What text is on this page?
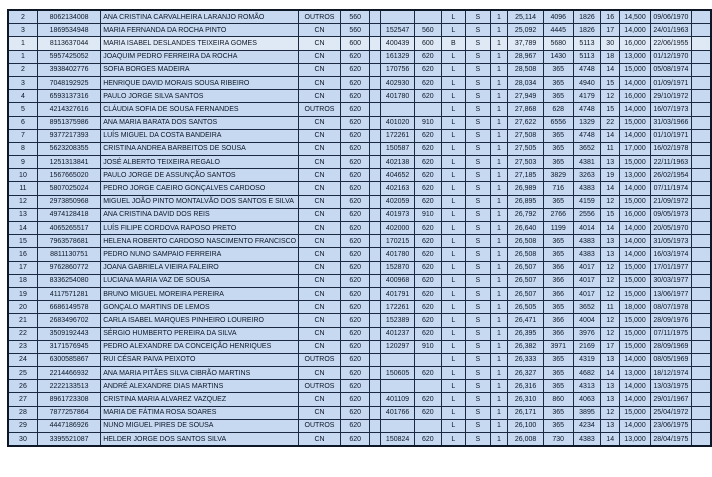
2	8062134008	ANA CRISTINA CARVALHEIRA LARANJO ROMÃO	OUTROS	560				L	S	1	25,114	4096	1826	16	14,500	09/06/1970	
3	1869534948	MARIA FERNANDA DA ROCHA PINTO	CN	560		152547	560	L	S	1	25,092	4445	1826	17	14,000	24/01/1963	
1	8113637044	MARIA ISABEL DESLANDES TEIXEIRA GOMES	CN	600		400439	600	B	S	1	37,789	5680	5113	30	16,000	22/06/1955	
1	5957425052	JOAQUIM PEDRO FERREIRA DA ROCHA	CN	620		161329	620	L	S	1	28,967	1430	5113	18	13,000	01/12/1970	
2	3938402776	SOFIA BORGES MADEIRA	CN	620		170756	620	L	S	1	28,508	365	4748	14	15,000	05/08/1974	
3	7048192925	HENRIQUE DAVID MORAIS SOUSA RIBEIRO	CN	620		402930	620	L	S	1	28,034	365	4940	15	14,000	01/09/1971	
4	6593137316	PAULO JORGE SILVA SANTOS	CN	620		401780	620	L	S	1	27,949	365	4179	12	16,000	29/10/1972	
5	4214327616	CLÁUDIA SOFIA DE SOUSA FERNANDES	OUTROS	620				L	S	1	27,868	628	4748	15	14,000	16/07/1973	
6	8951375986	ANA MARIA BARATA DOS SANTOS	CN	620		401020	910	L	S	1	27,622	6556	1329	22	15,000	31/03/1966	
7	9377217393	LUÍS MIGUEL DA COSTA BANDEIRA	CN	620		172261	620	L	S	1	27,508	365	4748	14	14,000	01/10/1971	
8	5623208355	CRISTINA ANDREA BARBEITOS DE SOUSA	CN	620		150587	620	L	S	1	27,505	365	3652	11	17,000	16/02/1978	
9	1251313841	JOSÉ ALBERTO TEIXEIRA REGALO	CN	620		402138	620	L	S	1	27,503	365	4381	13	15,000	22/11/1963	
10	1567665020	PAULO JORGE DE ASSUNÇÃO SANTOS	CN	620		404652	620	L	S	1	27,185	3829	3263	19	13,000	26/02/1954	
11	5807025024	PEDRO JORGE CAEIRO GONÇALVES CARDOSO	CN	620		402163	620	L	S	1	26,989	716	4383	14	14,000	07/11/1974	
12	2973850968	MIGUEL JOÃO PINTO MONTALVÃO DOS SANTOS E SILVA	CN	620		402059	620	L	S	1	26,895	365	4159	12	15,000	21/09/1972	
13	4974128418	ANA CRISTINA DAVID DOS REIS	CN	620		401973	910	L	S	1	26,792	2766	2556	15	16,000	09/05/1973	
14	4065265517	LUÍS FILIPE CORDOVA RAPOSO PRETO	CN	620		402000	620	L	S	1	26,640	1199	4014	14	14,000	20/05/1970	
15	7963578681	HELENA ROBERTO CARDOSO NASCIMENTO FRANCISCO	CN	620		170215	620	L	S	1	26,508	365	4383	13	14,000	31/05/1973	
16	8811130751	PEDRO NUNO SAMPAIO FERREIRA	CN	620		401780	620	L	S	1	26,508	365	4383	13	14,000	16/03/1974	
17	9762860772	JOANA GABRIELA VIEIRA FALEIRO	CN	620		152870	620	L	S	1	26,507	366	4017	12	15,000	17/01/1977	
18	8336254080	LUCIANA MARIA VAZ DE SOUSA	CN	620		400968	620	L	S	1	26,507	366	4017	12	15,000	30/03/1977	
19	4117571281	BRUNO MIGUEL MOREIRA PEREIRA	CN	620		401791	620	L	S	1	26,507	366	4017	12	15,000	13/06/1977	
20	6686149578	GONÇALO MARTINS DE LEMOS	CN	620		172261	620	L	S	1	26,505	365	3652	11	18,000	08/07/1978	
21	2683496702	CARLA ISABEL MARQUES PINHEIRO LOUREIRO	CN	620		152389	620	L	S	1	26,471	366	4004	12	15,000	28/09/1976	
22	3509192443	SÉRGIO HUMBERTO PEREIRA DA SILVA	CN	620		401237	620	L	S	1	26,395	366	3976	12	15,000	07/11/1975	
23	3171576945	PEDRO ALEXANDRE DA CONCEIÇÃO HENRIQUES	CN	620		120297	910	L	S	1	26,382	3971	2169	17	15,000	28/09/1969	
24	6300585867	RUI CÉSAR PAIVA PEIXOTO	OUTROS	620				L	S	1	26,333	365	4319	13	14,000	08/05/1969	
25	2214466932	ANA MARIA PITÃES SILVA CIBRÃO MARTINS	CN	620		150605	620	L	S	1	26,327	365	4682	14	13,000	18/12/1974	
26	2222133513	ANDRÉ ALEXANDRE DIAS MARTINS	OUTROS	620				L	S	1	26,316	365	4313	13	14,000	13/03/1975	
27	8961723308	CRISTINA MARIA ALVAREZ VAZQUEZ	CN	620		401109	620	L	S	1	26,310	860	4063	13	14,000	29/01/1967	
28	7877257864	MARIA DE FÁTIMA ROSA SOARES	CN	620		401766	620	L	S	1	26,171	365	3895	12	15,000	25/04/1972	
29	4447186926	NUNO MIGUEL PIRES DE SOUSA	OUTROS	620				L	S	1	26,100	365	4234	13	14,000	23/06/1975	
30	3395521087	HELDER JORGE DOS SANTOS SILVA	CN	620		150824	620	L	S	1	26,008	730	4383	14	13,000	28/04/1975	
